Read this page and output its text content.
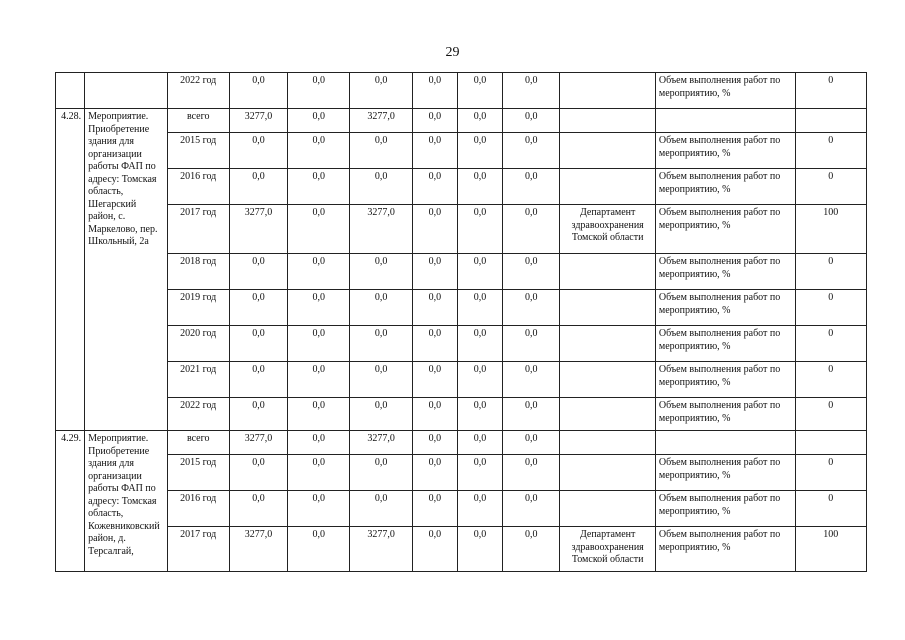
29
		2022 год	0,0	0,0	0,0	0,0	0,0	0,0		Объем выполнения работ по мероприятию, %	0
4.28.	Мероприятие. Приобретение здания для организации работы ФАП по адресу: Томская область, Шегарский район, с. Маркелово, пер. Школьный, 2а	всего	3277,0	0,0	3277,0	0,0	0,0	0,0			
		2015 год	0,0	0,0	0,0	0,0	0,0	0,0		Объем выполнения работ по мероприятию, %	0
		2016 год	0,0	0,0	0,0	0,0	0,0	0,0		Объем выполнения работ по мероприятию, %	0
		2017 год	3277,0	0,0	3277,0	0,0	0,0	0,0	Департамент здравоохранения Томской области	Объем выполнения работ по мероприятию, %	100
		2018 год	0,0	0,0	0,0	0,0	0,0	0,0		Объем выполнения работ по мероприятию, %	0
		2019 год	0,0	0,0	0,0	0,0	0,0	0,0		Объем выполнения работ по мероприятию, %	0
		2020 год	0,0	0,0	0,0	0,0	0,0	0,0		Объем выполнения работ по мероприятию, %	0
		2021 год	0,0	0,0	0,0	0,0	0,0	0,0		Объем выполнения работ по мероприятию, %	0
		2022 год	0,0	0,0	0,0	0,0	0,0	0,0		Объем выполнения работ по мероприятию, %	0
4.29.	Мероприятие. Приобретение здания для организации работы ФАП по адресу: Томская область, Кожевниковский район, д. Терсалгай,	всего	3277,0	0,0	3277,0	0,0	0,0	0,0			
		2015 год	0,0	0,0	0,0	0,0	0,0	0,0		Объем выполнения работ по мероприятию, %	0
		2016 год	0,0	0,0	0,0	0,0	0,0	0,0		Объем выполнения работ по мероприятию, %	0
		2017 год	3277,0	0,0	3277,0	0,0	0,0	0,0	Департамент здравоохранения Томской области	Объем выполнения работ по мероприятию, %	100
